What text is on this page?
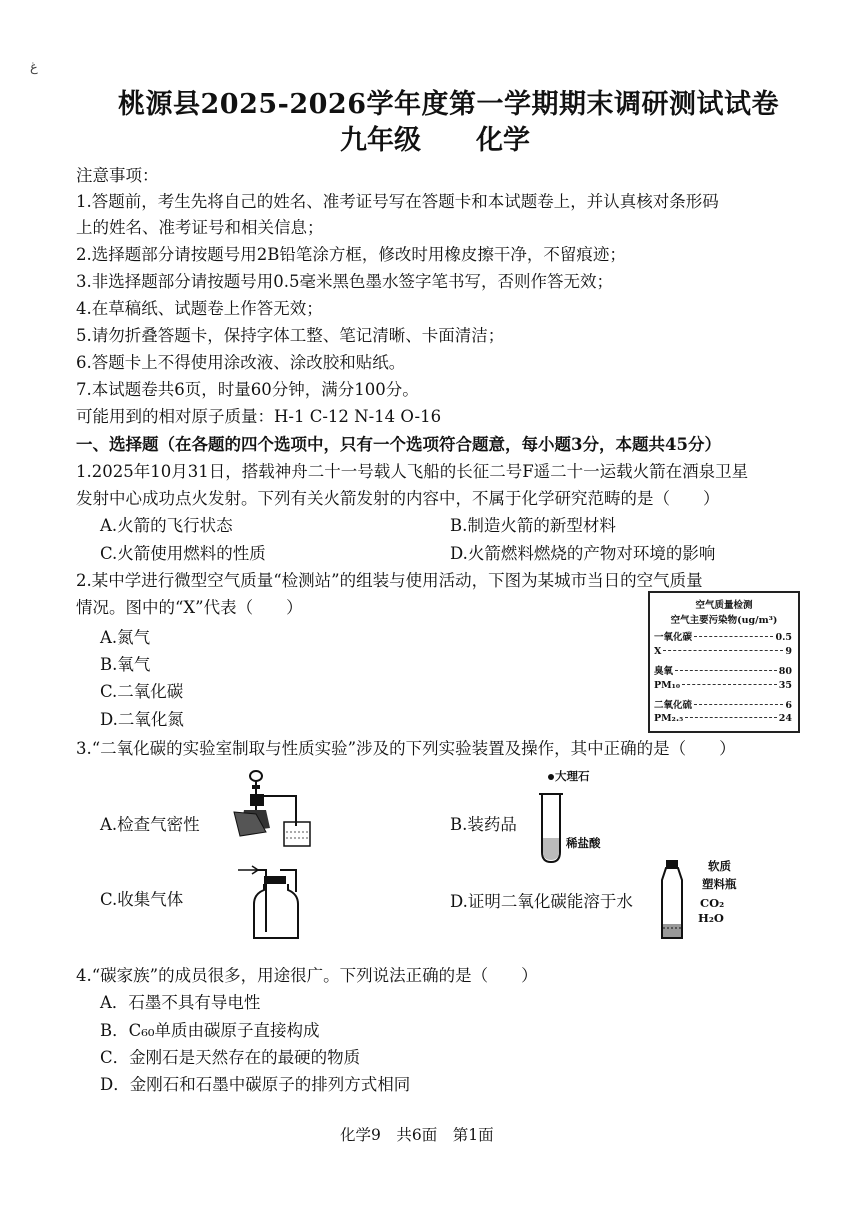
غ
桃源县2025-2026学年度第一学期期末调研测试试卷
九年级 化学
注意事项：
1.答题前，考生先将自己的姓名、准考证号写在答题卡和本试题卷上，并认真核对条形码
上的姓名、准考证号和相关信息；
2.选择题部分请按题号用2B铅笔涂方框，修改时用橡皮擦干净，不留痕迹；
3.非选择题部分请按题号用0.5毫米黑色墨水签字笔书写，否则作答无效；
4.在草稿纸、试题卷上作答无效；
5.请勿折叠答题卡，保持字体工整、笔记清晰、卡面清洁；
6.答题卡上不得使用涂改液、涂改胶和贴纸。
7.本试题卷共6页，时量60分钟，满分100分。
可能用到的相对原子质量：H-1 C-12 N-14 O-16
一、选择题（在各题的四个选项中，只有一个选项符合题意，每小题3分，本题共45分）
1.2025年10月31日，搭载神舟二十一号载人飞船的长征二号F遥二十一运载火箭在酒泉卫星
发射中心成功点火发射。下列有关火箭发射的内容中，不属于化学研究范畴的是（　　）
A.火箭的飞行状态	B.制造火箭的新型材料
C.火箭使用燃料的性质	D.火箭燃料燃烧的产物对环境的影响
2.某中学进行微型空气质量“检测站”的组装与使用活动，下图为某城市当日的空气质量
情况。图中的“X”代表（　　）
A.氮气
B.氧气
C.二氧化碳
D.二氧化氮
空气质量检测
空气主要污染物(ug/m³)
一氧化碳	0.5
X	9
臭氧	80
PM₁₀	35
二氧化硫	6
PM₂.₅	24
3.“二氧化碳的实验室制取与性质实验”涉及的下列实验装置及操作，其中正确的是（　　）
A.检查气密性	B.装药品
C.收集气体	D.证明二氧化碳能溶于水
大理石
稀盐酸
软质
塑料瓶
CO₂
H₂O
4.“碳家族”的成员很多，用途很广。下列说法正确的是（　　）
A．石墨不具有导电性
B．C₆₀单质由碳原子直接构成
C．金刚石是天然存在的最硬的物质
D．金刚石和石墨中碳原子的排列方式相同
化学9　共6面　第1面
